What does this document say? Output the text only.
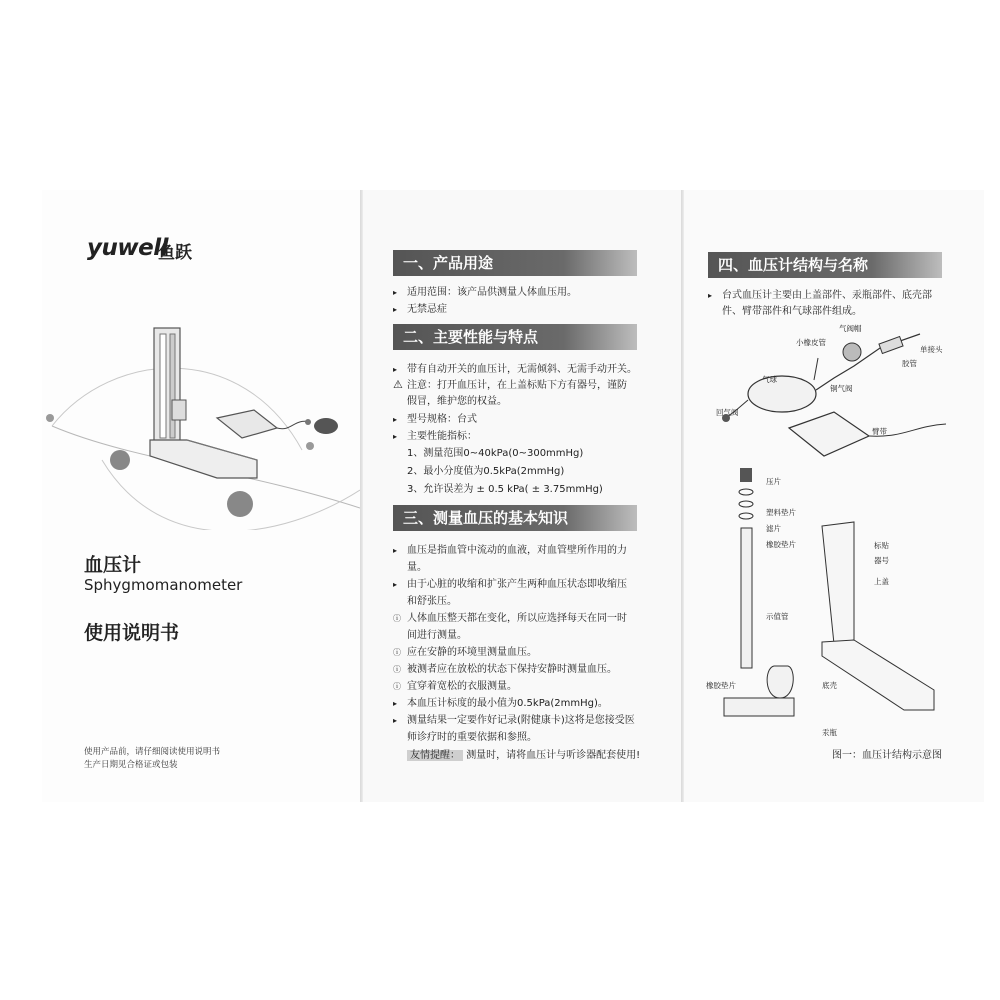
yuwell
鱼跃
血压计
Sphygmomanometer
使用说明书
使用产品前，请仔细阅读使用说明书
生产日期见合格证或包装
一、产品用途
▸ 适用范围：该产品供测量人体血压用。
▸ 无禁忌症
二、主要性能与特点
▸ 带有自动开关的血压计，无需倾斜、无需手动开关。
⚠ 注意：打开血压计，在上盖标贴下方有器号，谨防
假冒，维护您的权益。
▸ 型号规格：台式
▸ 主要性能指标：
1、测量范围0~40kPa(0~300mmHg)
2、最小分度值为0.5kPa(2mmHg)
3、允许误差为 ± 0.5 kPa( ± 3.75mmHg)
三、测量血压的基本知识
▸ 血压是指血管中流动的血液，对血管壁所作用的力
量。
▸ 由于心脏的收缩和扩张产生两种血压状态即收缩压
和舒张压。
ⓘ 人体血压整天都在变化，所以应选择每天在同一时
间进行测量。
ⓘ 应在安静的环境里测量血压。
ⓘ 被测者应在放松的状态下保持安静时测量血压。
ⓘ 宜穿着宽松的衣服测量。
▸ 本血压计标度的最小值为0.5kPa(2mmHg)。
▸ 测量结果一定要作好记录(附健康卡)这将是您接受医
师诊疗时的重要依据和参照。
友情提醒： 测量时，请将血压计与听诊器配套使用!
四、血压计结构与名称
▸ 台式血压计主要由上盖部件、汞瓶部件、底壳部
件、臂带部件和气球部件组成。
气阀帽
小橡皮管
单接头
胶管
气球
铜气阀
回气阀
臂带
压片
塑料垫片
滤片
橡胶垫片	标贴
器号
上盖
示值管
橡胶垫片	底壳
汞瓶
图一：血压计结构示意图
